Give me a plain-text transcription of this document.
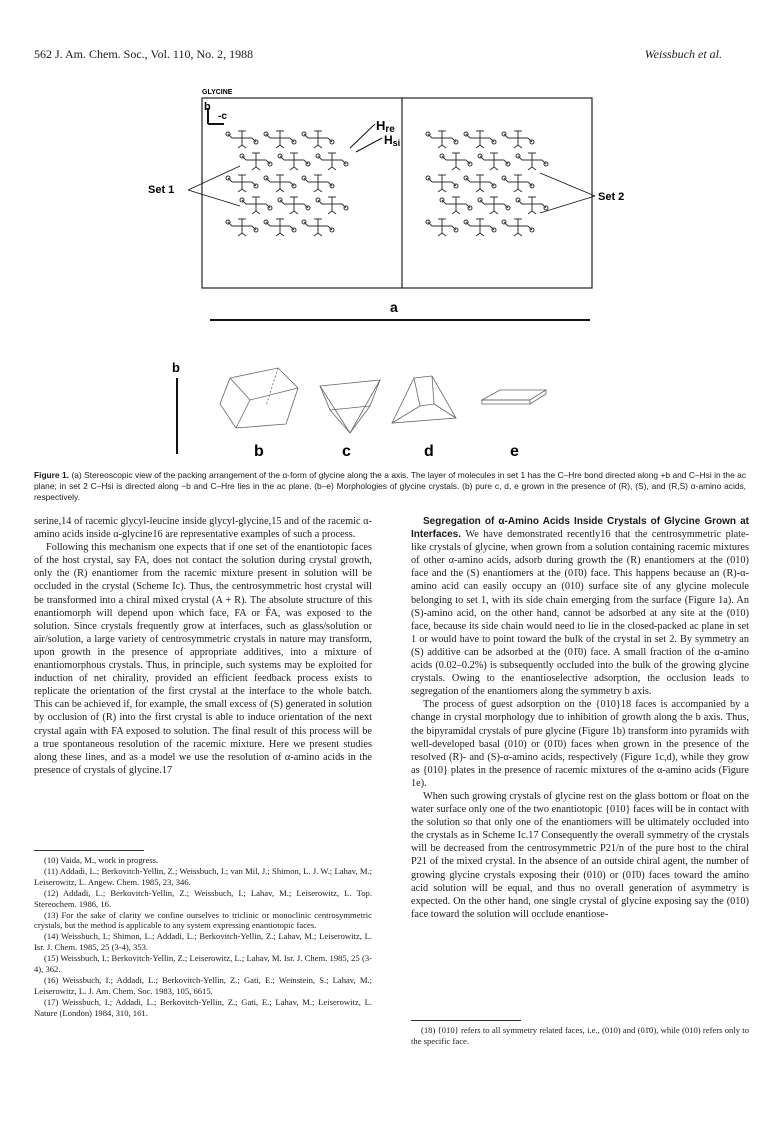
562 J. Am. Chem. Soc., Vol. 110, No. 2, 1988	Weissbuch et al.
GLYCINE
b
-c
Hre
Hsi
Set 1
Set 2
a
b
b	c	d	e
Figure 1. (a) Stereoscopic view of the packing arrangement of the α-form of glycine along the a axis. The layer of molecules in set 1 has the C–Hre bond directed along +b and C–Hsi in the ac plane; in set 2 C–Hsi is directed along −b and C–Hre lies in the ac plane. (b–e) Morphologies of glycine crystals. (b) pure c, d, e grown in the presence of (R), (S), and (R,S) α-amino acids, respectively.

serine,14 of racemic glycyl-leucine inside glycyl-glycine,15 and of the racemic α-amino acids inside α-glycine16 are representative examples of such a process.

Following this mechanism one expects that if one set of the enantiotopic faces of the host crystal, say FA, does not contact the solution during crystal growth, only the (R) enantiomer from the racemic mixture present in solution will be occluded in the crystal (Scheme Ic). Thus, the centrosymmetric host crystal will be transformed into a chiral mixed crystal (A + R). The absolute structure of this enantiomorph will depend upon which face, FA or F̄A, was exposed to the solution. Since crystals frequently grow at interfaces, such as glass/solution or air/solution, a large variety of centrosymmetric crystals in nature may transform, upon growth in the presence of appropriate additives, into a mixture of enantiomorphous crystals. Thus, in principle, such systems may be exploited for induction of net chirality, provided an efficient feedback process exists to replicate the orientation of the first crystal at the interface to the whole batch. This can be achieved if, for example, the small excess of (S) generated in solution by occlusion of (R) into the first crystal is able to induce orientation of the next crystal again with FA exposed to solution. The final result of this process will be a true spontaneous resolution of the racemic mixture. Here we present studies along these lines, and as a model we use the resolution of α-amino acids in the presence of crystals of glycine.17

(10) Vaida, M., work in progress.
(11) Addadi, L.; Berkovitch-Yellin, Z.; Weissbuch, I.; van Mil, J.; Shimon, L. J. W.; Lahav, M.; Leiserowitz, L. Angew. Chem. 1985, 23, 346.
(12) Addadi, L.; Berkovitch-Yellin, Z.; Weissbuch, I.; Lahav, M.; Leiserowitz, L. Top. Stereochem. 1986, 16.
(13) For the sake of clarity we confine ourselves to triclinic or monoclinic centrosymmetric crystals, but the method is applicable to any system expressing enantiotopic faces.
(14) Weissbuch, I.; Shimon, L.; Addadi, L.; Berkovitch-Yellin, Z.; Lahav, M.; Leiserowitz, L. Isr. J. Chem. 1985, 25 (3-4), 353.
(15) Weissbuch, I.; Berkovitch-Yellin, Z.; Leiserowitz, L.; Lahav, M. Isr. J. Chem. 1985, 25 (3-4), 362.
(16) Weissbuch, I.; Addadi, L.; Berkovitch-Yellin, Z.; Gati, E.; Weinstein, S.; Lahav, M.; Leiserowitz, L. J. Am. Chem. Soc. 1983, 105, 6615.
(17) Weissbuch, I.; Addadi, L.; Berkovitch-Yellin, Z.; Gati, E.; Lahav, M.; Leiserowitz, L. Nature (London) 1984, 310, 161.

Segregation of α-Amino Acids Inside Crystals of Glycine Grown at Interfaces. We have demonstrated recently16 that the centrosymmetric plate-like crystals of glycine, when grown from a solution containing racemic mixtures of other α-amino acids, adsorb during growth the (R) enantiomers at the (010) face and the (S) enantiomers at the (01̄0) face. This happens because an (R)-α-amino acid can easily occupy an (010) surface site of any glycine molecule belonging to set 1, with its side chain emerging from the surface (Figure 1a). An (S)-amino acid, on the other hand, cannot be adsorbed at any site at the (010) face, because its side chain would need to lie in the closed-packed ac plane in set 1 or would have to point toward the bulk of the crystal in set 2. By symmetry an (S) additive can be adsorbed at the (01̄0) face. A small fraction of the α-amino acids (0.02–0.2%) is subsequently occluded into the bulk of the growing glycine crystals. Owing to the enantioselective adsorption, the occlusion leads to segregation of the enantiomers along the symmetry b axis.

The process of guest adsorption on the {010}18 faces is accompanied by a change in crystal morphology due to inhibition of growth along the b axis. Thus, the bipyramidal crystals of pure glycine (Figure 1b) transform into pyramids with well-developed basal (010) or (01̄0) faces when grown in the presence of the resolved (R)- and (S)-α-amino acids, respectively (Figure 1c,d), while they grow as {010} plates in the presence of racemic mixtures of the α-amino acids (Figure 1e).

When such growing crystals of glycine rest on the glass bottom or float on the water surface only one of the two enantiotopic {010} faces will be in contact with the solution so that only one of the enantiomers will be ultimately occluded into the crystals as in Scheme Ic.17 Consequently the overall symmetry of the crystals will be decreased from the centrosymmetric P21/n of the pure host to the chiral P21 of the mixed crystal. In the absence of an outside chiral agent, the number of growing glycine crystals exposing their (010) or (01̄0) faces toward the amino acid solution will be equal, and thus no overall generation of asymmetry is expected. On the other hand, one single crystal of glycine exposing say the (010) face toward the solution will occlude enantiose-

(18) {010} refers to all symmetry related faces, i.e., (010) and (01̄0), while (010) refers only to the specific face.
